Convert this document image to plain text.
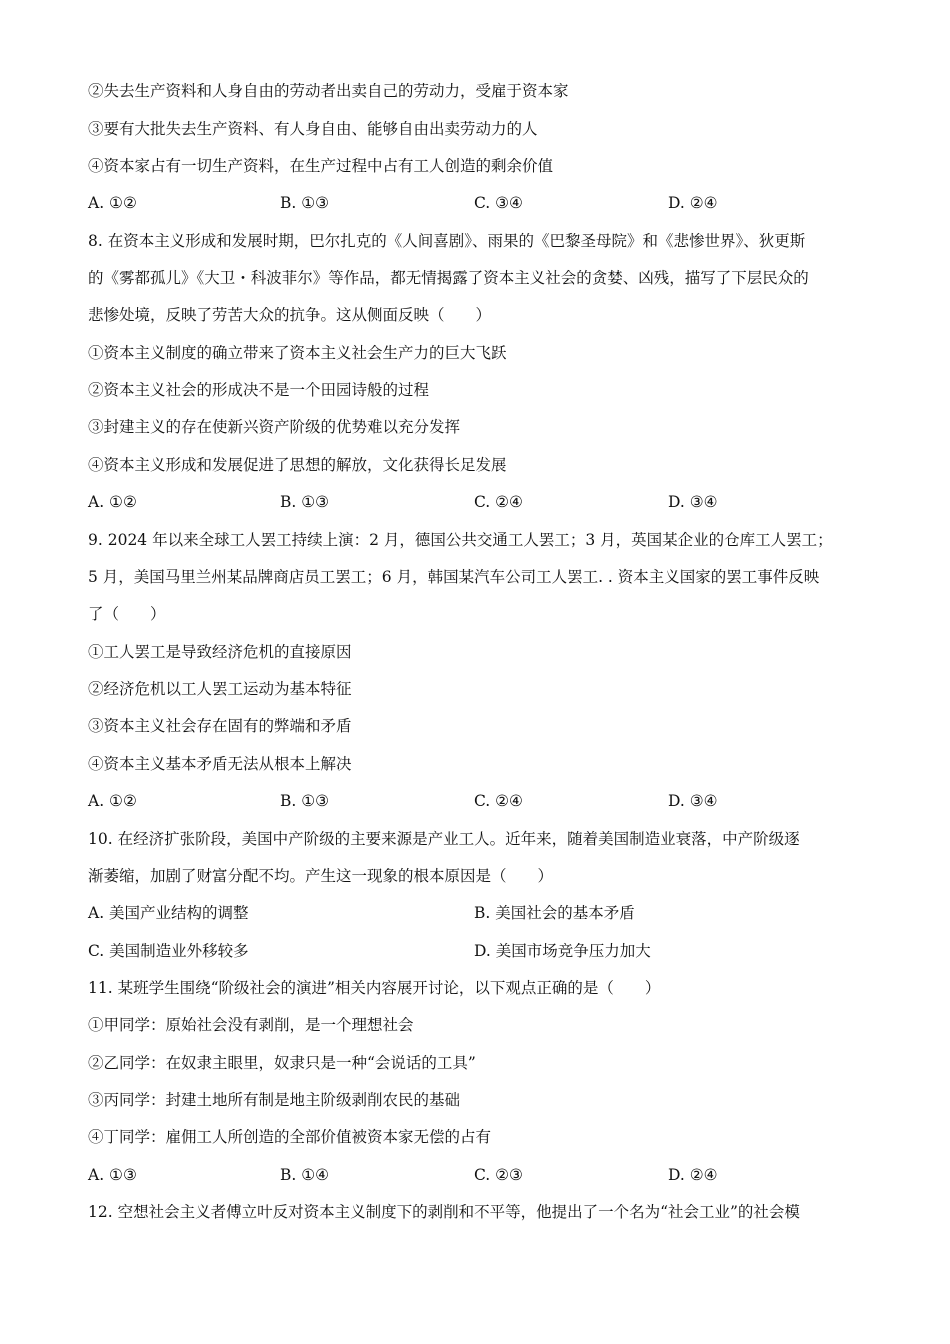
②失去生产资料和人身自由的劳动者出卖自己的劳动力，受雇于资本家
③要有大批失去生产资料、有人身自由、能够自由出卖劳动力的人
④资本家占有一切生产资料，在生产过程中占有工人创造的剩余价值
A. ①②	B. ①③	C. ③④	D. ②④
8. 在资本主义形成和发展时期，巴尔扎克的《人间喜剧》、雨果的《巴黎圣母院》和《悲惨世界》、狄更斯
的《雾都孤儿》《大卫・科波菲尔》等作品，都无情揭露了资本主义社会的贪婪、凶残，描写了下层民众的
悲惨处境，反映了劳苦大众的抗争。这从侧面反映（　　）
①资本主义制度的确立带来了资本主义社会生产力的巨大飞跃
②资本主义社会的形成决不是一个田园诗般的过程
③封建主义的存在使新兴资产阶级的优势难以充分发挥
④资本主义形成和发展促进了思想的解放，文化获得长足发展
A. ①②	B. ①③	C. ②④	D. ③④
9. 2024 年以来全球工人罢工持续上演：2 月，德国公共交通工人罢工；3 月，英国某企业的仓库工人罢工；
5 月，美国马里兰州某品牌商店员工罢工；6 月，韩国某汽车公司工人罢工. . 资本主义国家的罢工事件反映
了（　　）
①工人罢工是导致经济危机的直接原因
②经济危机以工人罢工运动为基本特征
③资本主义社会存在固有的弊端和矛盾
④资本主义基本矛盾无法从根本上解决
A. ①②	B. ①③	C. ②④	D. ③④
10. 在经济扩张阶段，美国中产阶级的主要来源是产业工人。近年来，随着美国制造业衰落，中产阶级逐
渐萎缩，加剧了财富分配不均。产生这一现象的根本原因是（　　）
A. 美国产业结构的调整	B. 美国社会的基本矛盾
C. 美国制造业外移较多	D. 美国市场竞争压力加大
11. 某班学生围绕“阶级社会的演进”相关内容展开讨论，以下观点正确的是（　　）
①甲同学：原始社会没有剥削，是一个理想社会
②乙同学：在奴隶主眼里，奴隶只是一种“会说话的工具”
③丙同学：封建土地所有制是地主阶级剥削农民的基础
④丁同学：雇佣工人所创造的全部价值被资本家无偿的占有
A. ①③	B. ①④	C. ②③	D. ②④
12. 空想社会主义者傅立叶反对资本主义制度下的剥削和不平等，他提出了一个名为“社会工业”的社会模
